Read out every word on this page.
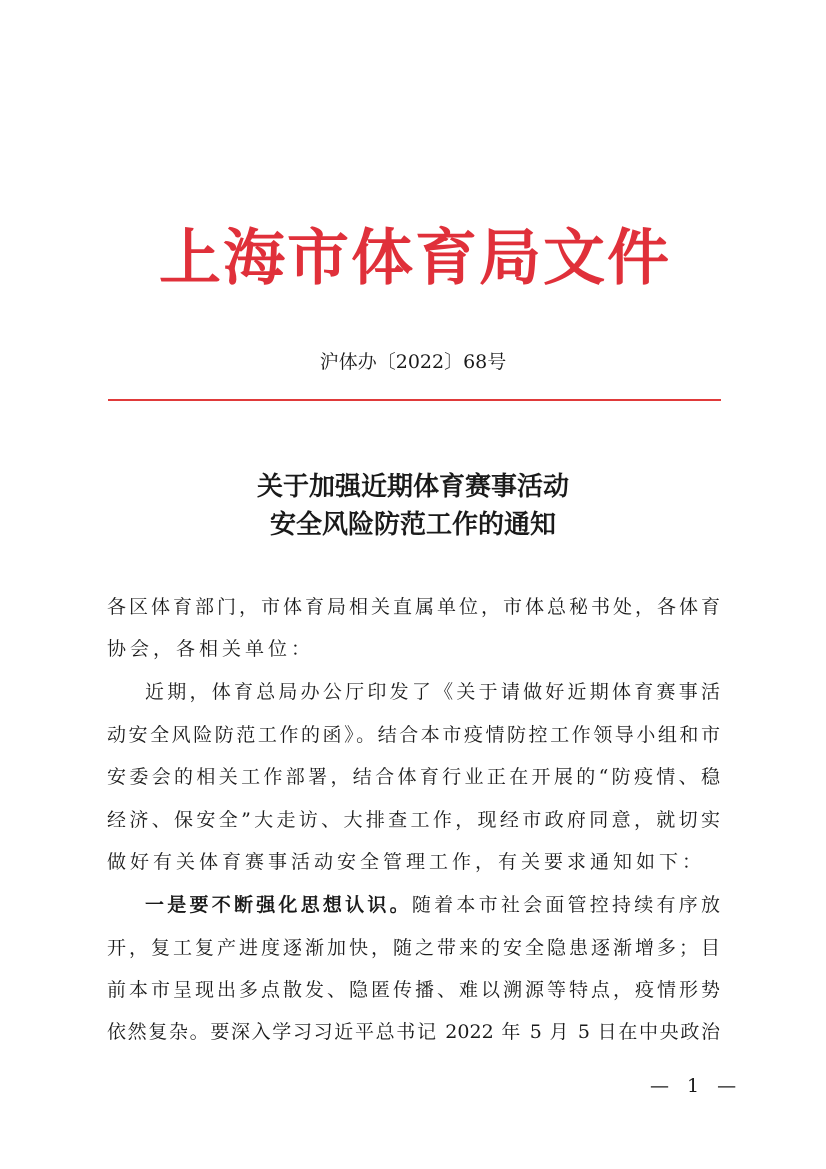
上海市体育局文件
沪体办〔2022〕68号
关于加强近期体育赛事活动
安全风险防范工作的通知
各区体育部门，市体育局相关直属单位，市体总秘书处，各体育
协会，各相关单位：
近期，体育总局办公厅印发了《关于请做好近期体育赛事活
动安全风险防范工作的函》。结合本市疫情防控工作领导小组和市
安委会的相关工作部署，结合体育行业正在开展的“防疫情、稳
经济、保安全”大走访、大排查工作，现经市政府同意，就切实
做好有关体育赛事活动安全管理工作，有关要求通知如下：
一是要不断强化思想认识。随着本市社会面管控持续有序放
开，复工复产进度逐渐加快，随之带来的安全隐患逐渐增多；目
前本市呈现出多点散发、隐匿传播、难以溯源等特点，疫情形势
依然复杂。要深入学习习近平总书记 2022 年 5 月 5 日在中央政治
— 1 —
